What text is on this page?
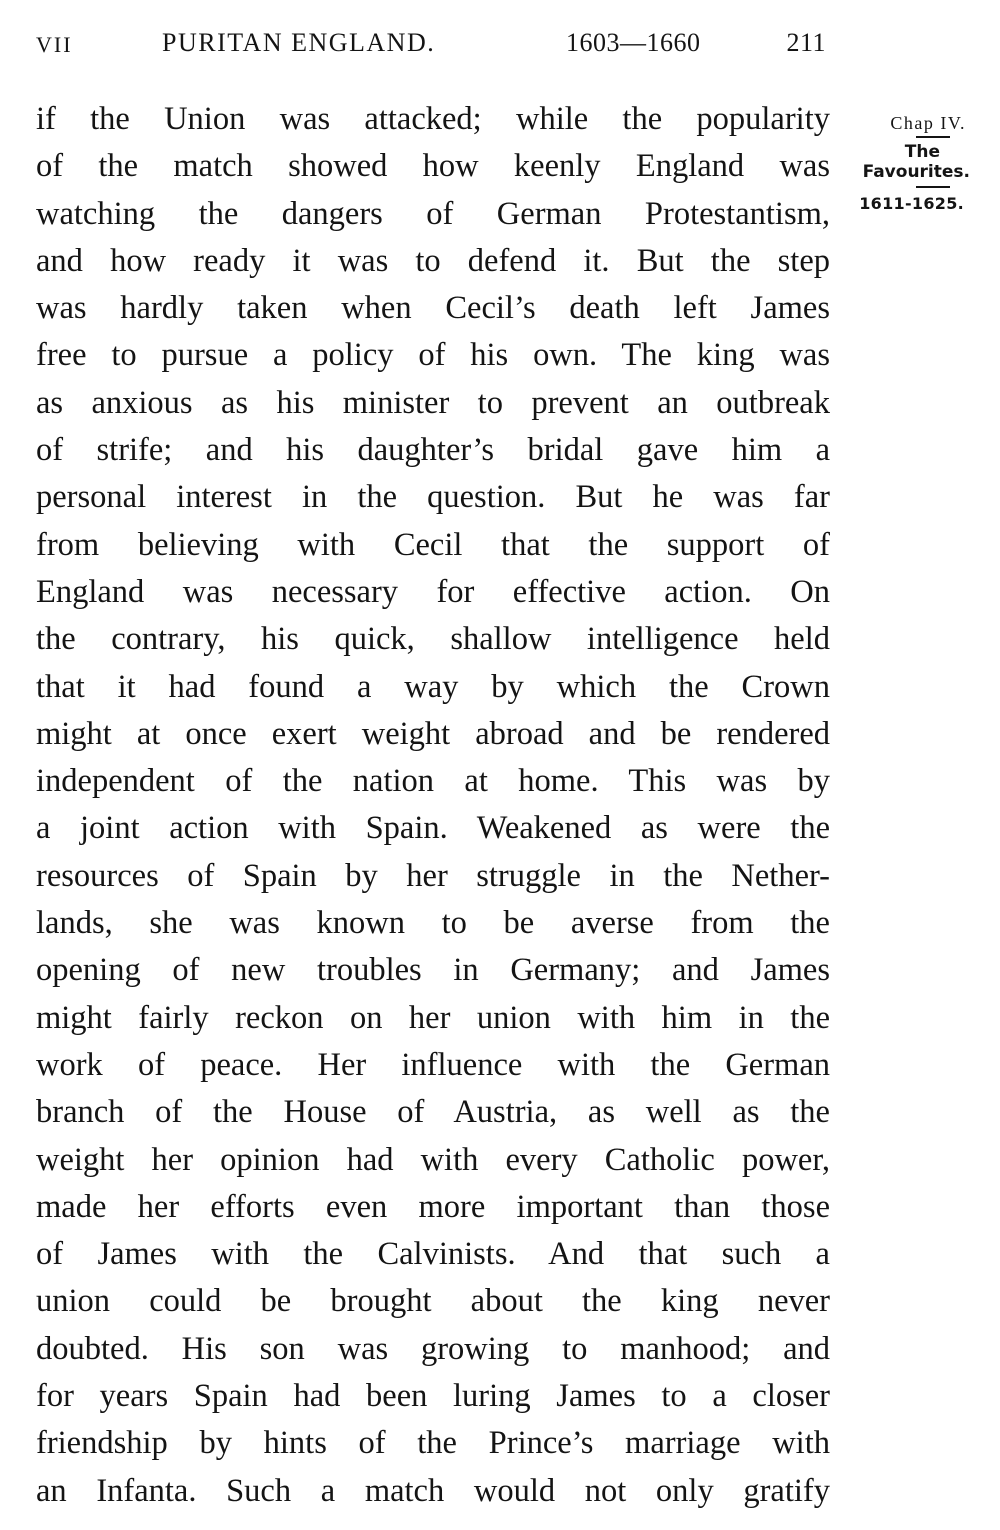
VII	PURITAN ENGLAND.	1603—1660	211
if the Union was attacked; while the popularity
of the match showed how keenly England was
watching the dangers of German Protestantism,
and how ready it was to defend it. But the step
was hardly taken when Cecil’s death left James
free to pursue a policy of his own. The king was
as anxious as his minister to prevent an outbreak
of strife; and his daughter’s bridal gave him a
personal interest in the question. But he was far
from believing with Cecil that the support of
England was necessary for effective action. On
the contrary, his quick, shallow intelligence held
that it had found a way by which the Crown
might at once exert weight abroad and be rendered
independent of the nation at home. This was by
a joint action with Spain. Weakened as were the
resources of Spain by her struggle in the Nether-
lands, she was known to be averse from the
opening of new troubles in Germany; and James
might fairly reckon on her union with him in the
work of peace. Her influence with the German
branch of the House of Austria, as well as the
weight her opinion had with every Catholic power,
made her efforts even more important than those
of James with the Calvinists. And that such a
union could be brought about the king never
doubted. His son was growing to manhood; and
for years Spain had been luring James to a closer
friendship by hints of the Prince’s marriage with
an Infanta. Such a match would not only gratify
Chap IV.
The
Favourites.
1611-1625.
